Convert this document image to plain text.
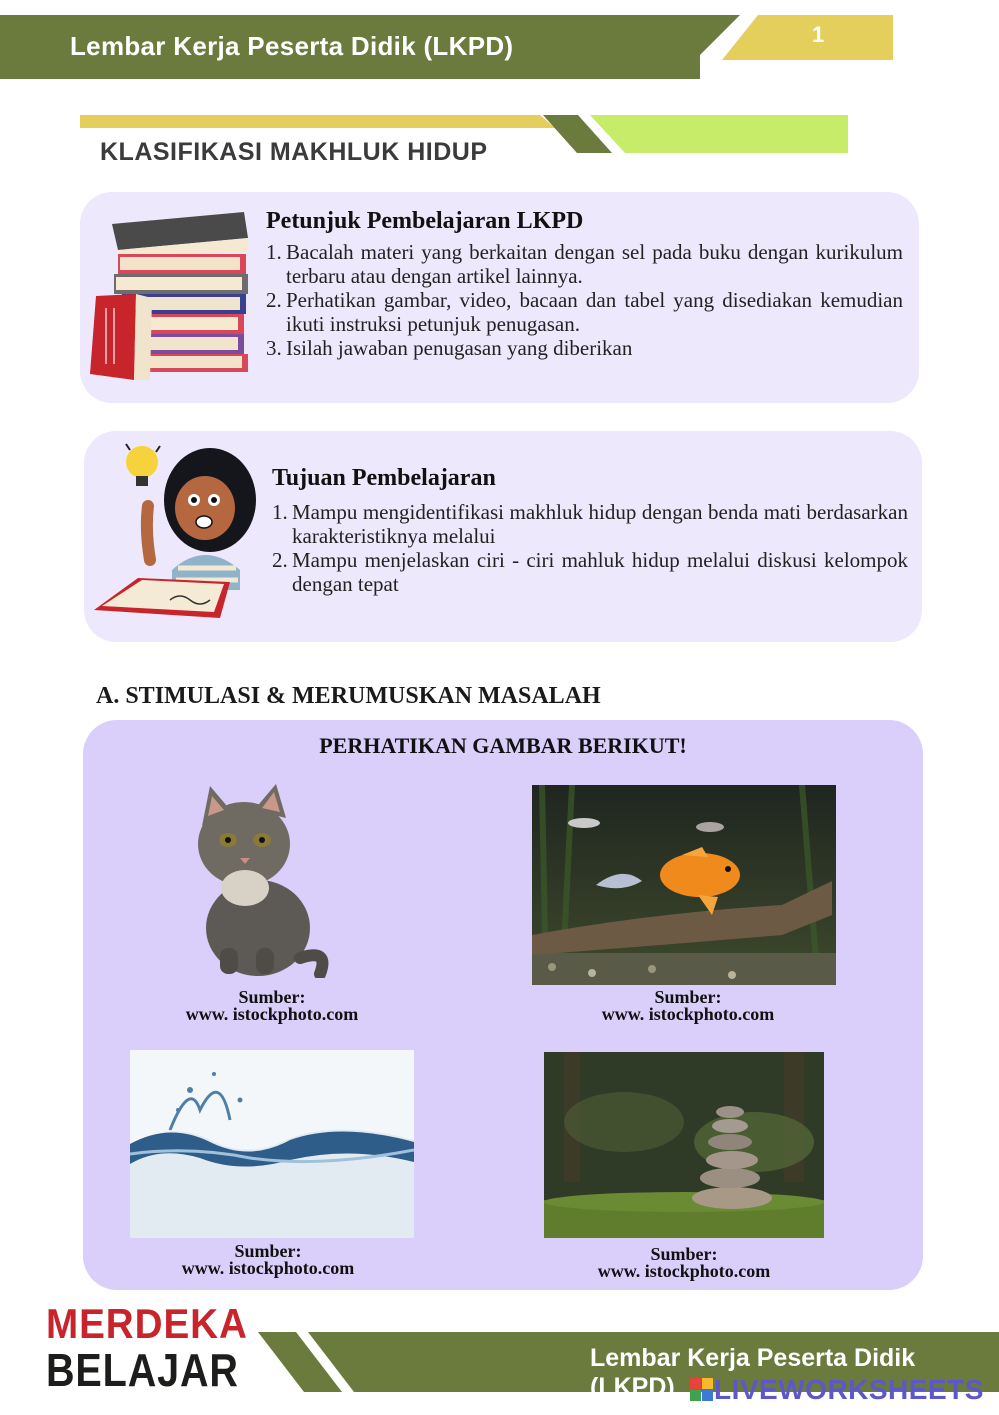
Lembar Kerja Peserta Didik (LKPD)	1
KLASIFIKASI MAKHLUK HIDUP
Petunjuk Pembelajaran LKPD
1. Bacalah materi yang berkaitan dengan sel pada buku dengan kurikulum terbaru atau dengan artikel lainnya.
2. Perhatikan gambar, video, bacaan dan tabel yang disediakan kemudian ikuti instruksi petunjuk penugasan.
3. Isilah jawaban penugasan yang diberikan
Tujuan Pembelajaran
1. Mampu mengidentifikasi makhluk hidup dengan benda mati berdasarkan karakteristiknya melalui
2. Mampu menjelaskan ciri - ciri mahluk hidup melalui diskusi kelompok dengan tepat
A. STIMULASI & MERUMUSKAN MASALAH
PERHATIKAN GAMBAR BERIKUT!
Sumber:
www. istockphoto.com
Sumber:
www. istockphoto.com
Sumber:
www. istockphoto.com
Sumber:
www. istockphoto.com
MERDEKA
BELAJAR	Lembar Kerja Peserta Didik (LKPD)	LIVEWORKSHEETS
